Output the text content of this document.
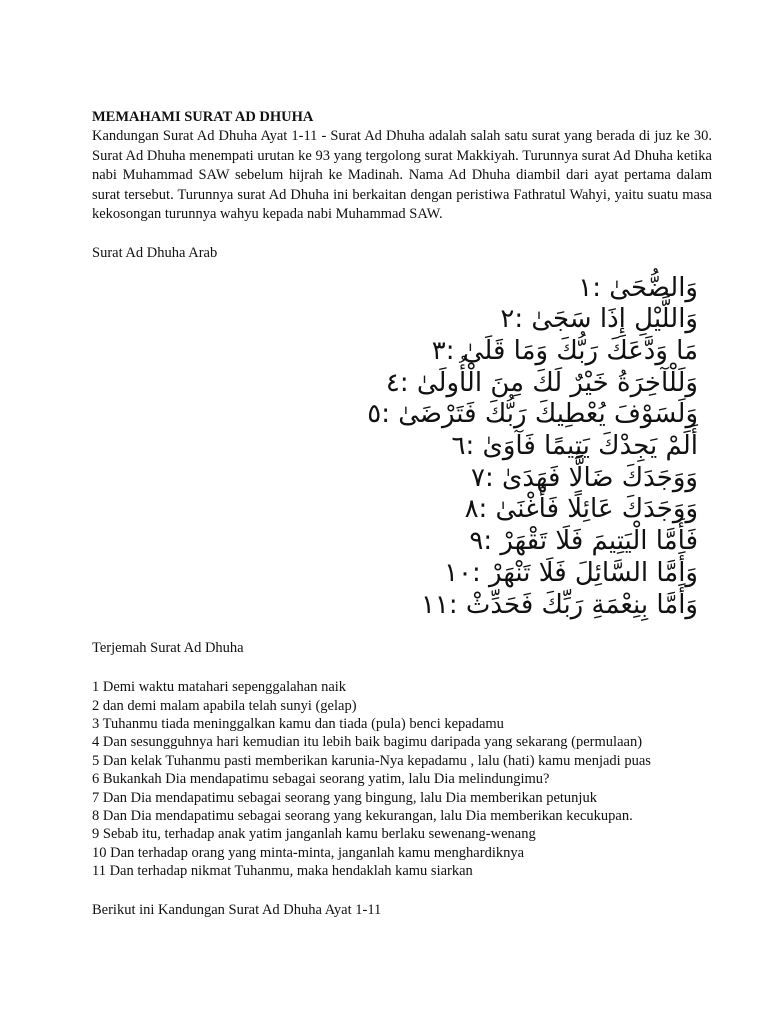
MEMAHAMI SURAT AD DHUHA

Kandungan Surat Ad Dhuha Ayat 1-11 - Surat Ad Dhuha adalah salah satu surat yang berada di juz ke 30. Surat Ad Dhuha menempati urutan ke 93 yang tergolong surat Makkiyah. Turunnya surat Ad Dhuha ketika nabi Muhammad SAW sebelum hijrah ke Madinah. Nama Ad Dhuha diambil dari ayat pertama dalam surat tersebut. Turunnya surat Ad Dhuha ini berkaitan dengan peristiwa Fathratul Wahyi, yaitu suatu masa kekosongan turunnya wahyu kepada nabi Muhammad SAW.

Surat Ad Dhuha Arab

وَالضُّحَىٰ :١
وَاللَّيْلِ إِذَا سَجَىٰ :٢
مَا وَدَّعَكَ رَبُّكَ وَمَا قَلَىٰ :٣
وَلَلْآخِرَةُ خَيْرٌ لَكَ مِنَ الْأُولَىٰ :٤
وَلَسَوْفَ يُعْطِيكَ رَبُّكَ فَتَرْضَىٰ :٥
أَلَمْ يَجِدْكَ يَتِيمًا فَآوَىٰ :٦
وَوَجَدَكَ ضَالًّا فَهَدَىٰ :٧
وَوَجَدَكَ عَائِلًا فَأَغْنَىٰ :٨
فَأَمَّا الْيَتِيمَ فَلَا تَقْهَرْ :٩
وَأَمَّا السَّائِلَ فَلَا تَنْهَرْ :١٠
وَأَمَّا بِنِعْمَةِ رَبِّكَ فَحَدِّثْ :١١

Terjemah Surat Ad Dhuha

1 Demi waktu matahari sepenggalahan naik
2 dan demi malam apabila telah sunyi (gelap)
3 Tuhanmu tiada meninggalkan kamu dan tiada (pula) benci kepadamu
4 Dan sesungguhnya hari kemudian itu lebih baik bagimu daripada yang sekarang (permulaan)
5 Dan kelak Tuhanmu pasti memberikan karunia-Nya kepadamu , lalu (hati) kamu menjadi puas
6 Bukankah Dia mendapatimu sebagai seorang yatim, lalu Dia melindungimu?
7 Dan Dia mendapatimu sebagai seorang yang bingung, lalu Dia memberikan petunjuk
8 Dan Dia mendapatimu sebagai seorang yang kekurangan, lalu Dia memberikan kecukupan.
9 Sebab itu, terhadap anak yatim janganlah kamu berlaku sewenang-wenang
10 Dan terhadap orang yang minta-minta, janganlah kamu menghardiknya
11 Dan terhadap nikmat Tuhanmu, maka hendaklah kamu siarkan

Berikut ini Kandungan Surat Ad Dhuha Ayat 1-11
